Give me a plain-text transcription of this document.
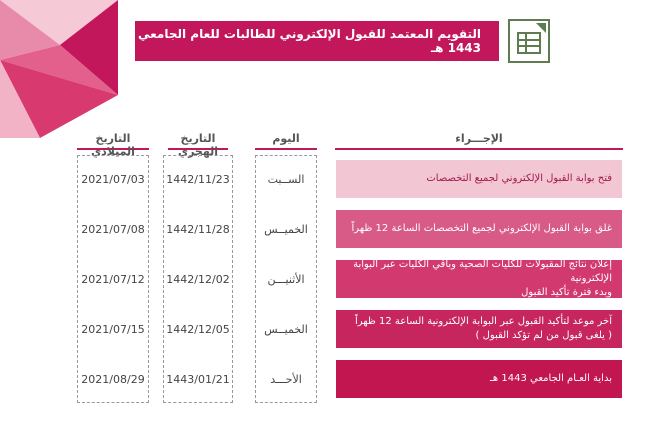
التقويم المعتمد للقبول الإلكتروني للطالبات للعام الجامعي 1443 هـ
الإجـــراء
اليوم
التاريخ الهجري
التاريخ الميلادي
فتح بوابة القبول الإلكتروني لجميع التخصصات
الســبت
1442/11/23
2021/07/03
غلق بوابة القبول الإلكتروني لجميع التخصصات الساعة 12 ظهراً
الخميــس
1442/11/28
2021/07/08
إعلان نتائج المقبولات للكليات الصحية وباقي الكليات عبر البوابة الإلكترونية
وبدء فترة تأكيد القبول
الأثنيـــن
1442/12/02
2021/07/12
آخر موعد لتأكيد القبول عبر البوابة الإلكترونية الساعة 12 ظهراً
( يلغى قبول من لم تؤكد القبول )
الخميــس
1442/12/05
2021/07/15
بداية العـام الجامعي 1443 هـ
الأحـــد
1443/01/21
2021/08/29
